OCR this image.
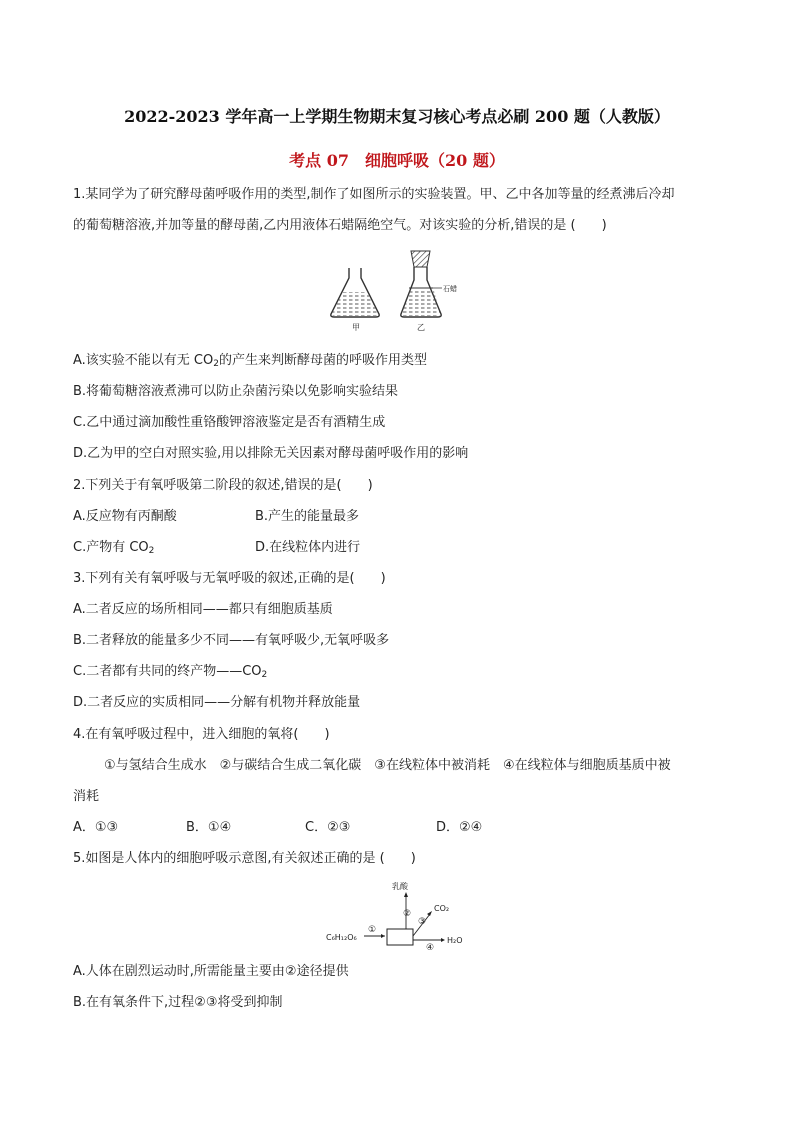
2022-2023 学年高一上学期生物期末复习核心考点必刷 200 题（人教版）
考点 07　细胞呼吸（20 题）
1.某同学为了研究酵母菌呼吸作用的类型,制作了如图所示的实验装置。甲、乙中各加等量的经煮沸后冷却
的葡萄糖溶液,并加等量的酵母菌,乙内用液体石蜡隔绝空气。对该实验的分析,错误的是 (　　)
甲
石蜡
乙
A.该实验不能以有无 $CO_2$的产生来判断酵母菌的呼吸作用类型
B.将葡萄糖溶液煮沸可以防止杂菌污染以免影响实验结果
C.乙中通过滴加酸性重铬酸钾溶液鉴定是否有酒精生成
D.乙为甲的空白对照实验,用以排除无关因素对酵母菌呼吸作用的影响
2.下列关于有氧呼吸第二阶段的叙述,错误的是(　　)
A.反应物有丙酮酸	B.产生的能量最多
C.产物有 $CO_2$	D.在线粒体内进行
3.下列有关有氧呼吸与无氧呼吸的叙述,正确的是(　　)
A.二者反应的场所相同——都只有细胞质基质
B.二者释放的能量多少不同——有氧呼吸少,无氧呼吸多
C.二者都有共同的终产物$——CO_2$
D.二者反应的实质相同——分解有机物并释放能量
4.在有氧呼吸过程中，进入细胞的氧将(　　)
①与氢结合生成水　②与碳结合生成二氧化碳　③在线粒体中被消耗　④在线粒体与细胞质基质中被
消耗
A．①③	B．①④	C．②③	D．②④
5.如图是人体内的细胞呼吸示意图,有关叙述正确的是 (　　)
C₆H₁₂O₆
①
乳酸
②
③
CO₂
④
H₂O
A.人体在剧烈运动时,所需能量主要由②途径提供
B.在有氧条件下,过程②③将受到抑制
